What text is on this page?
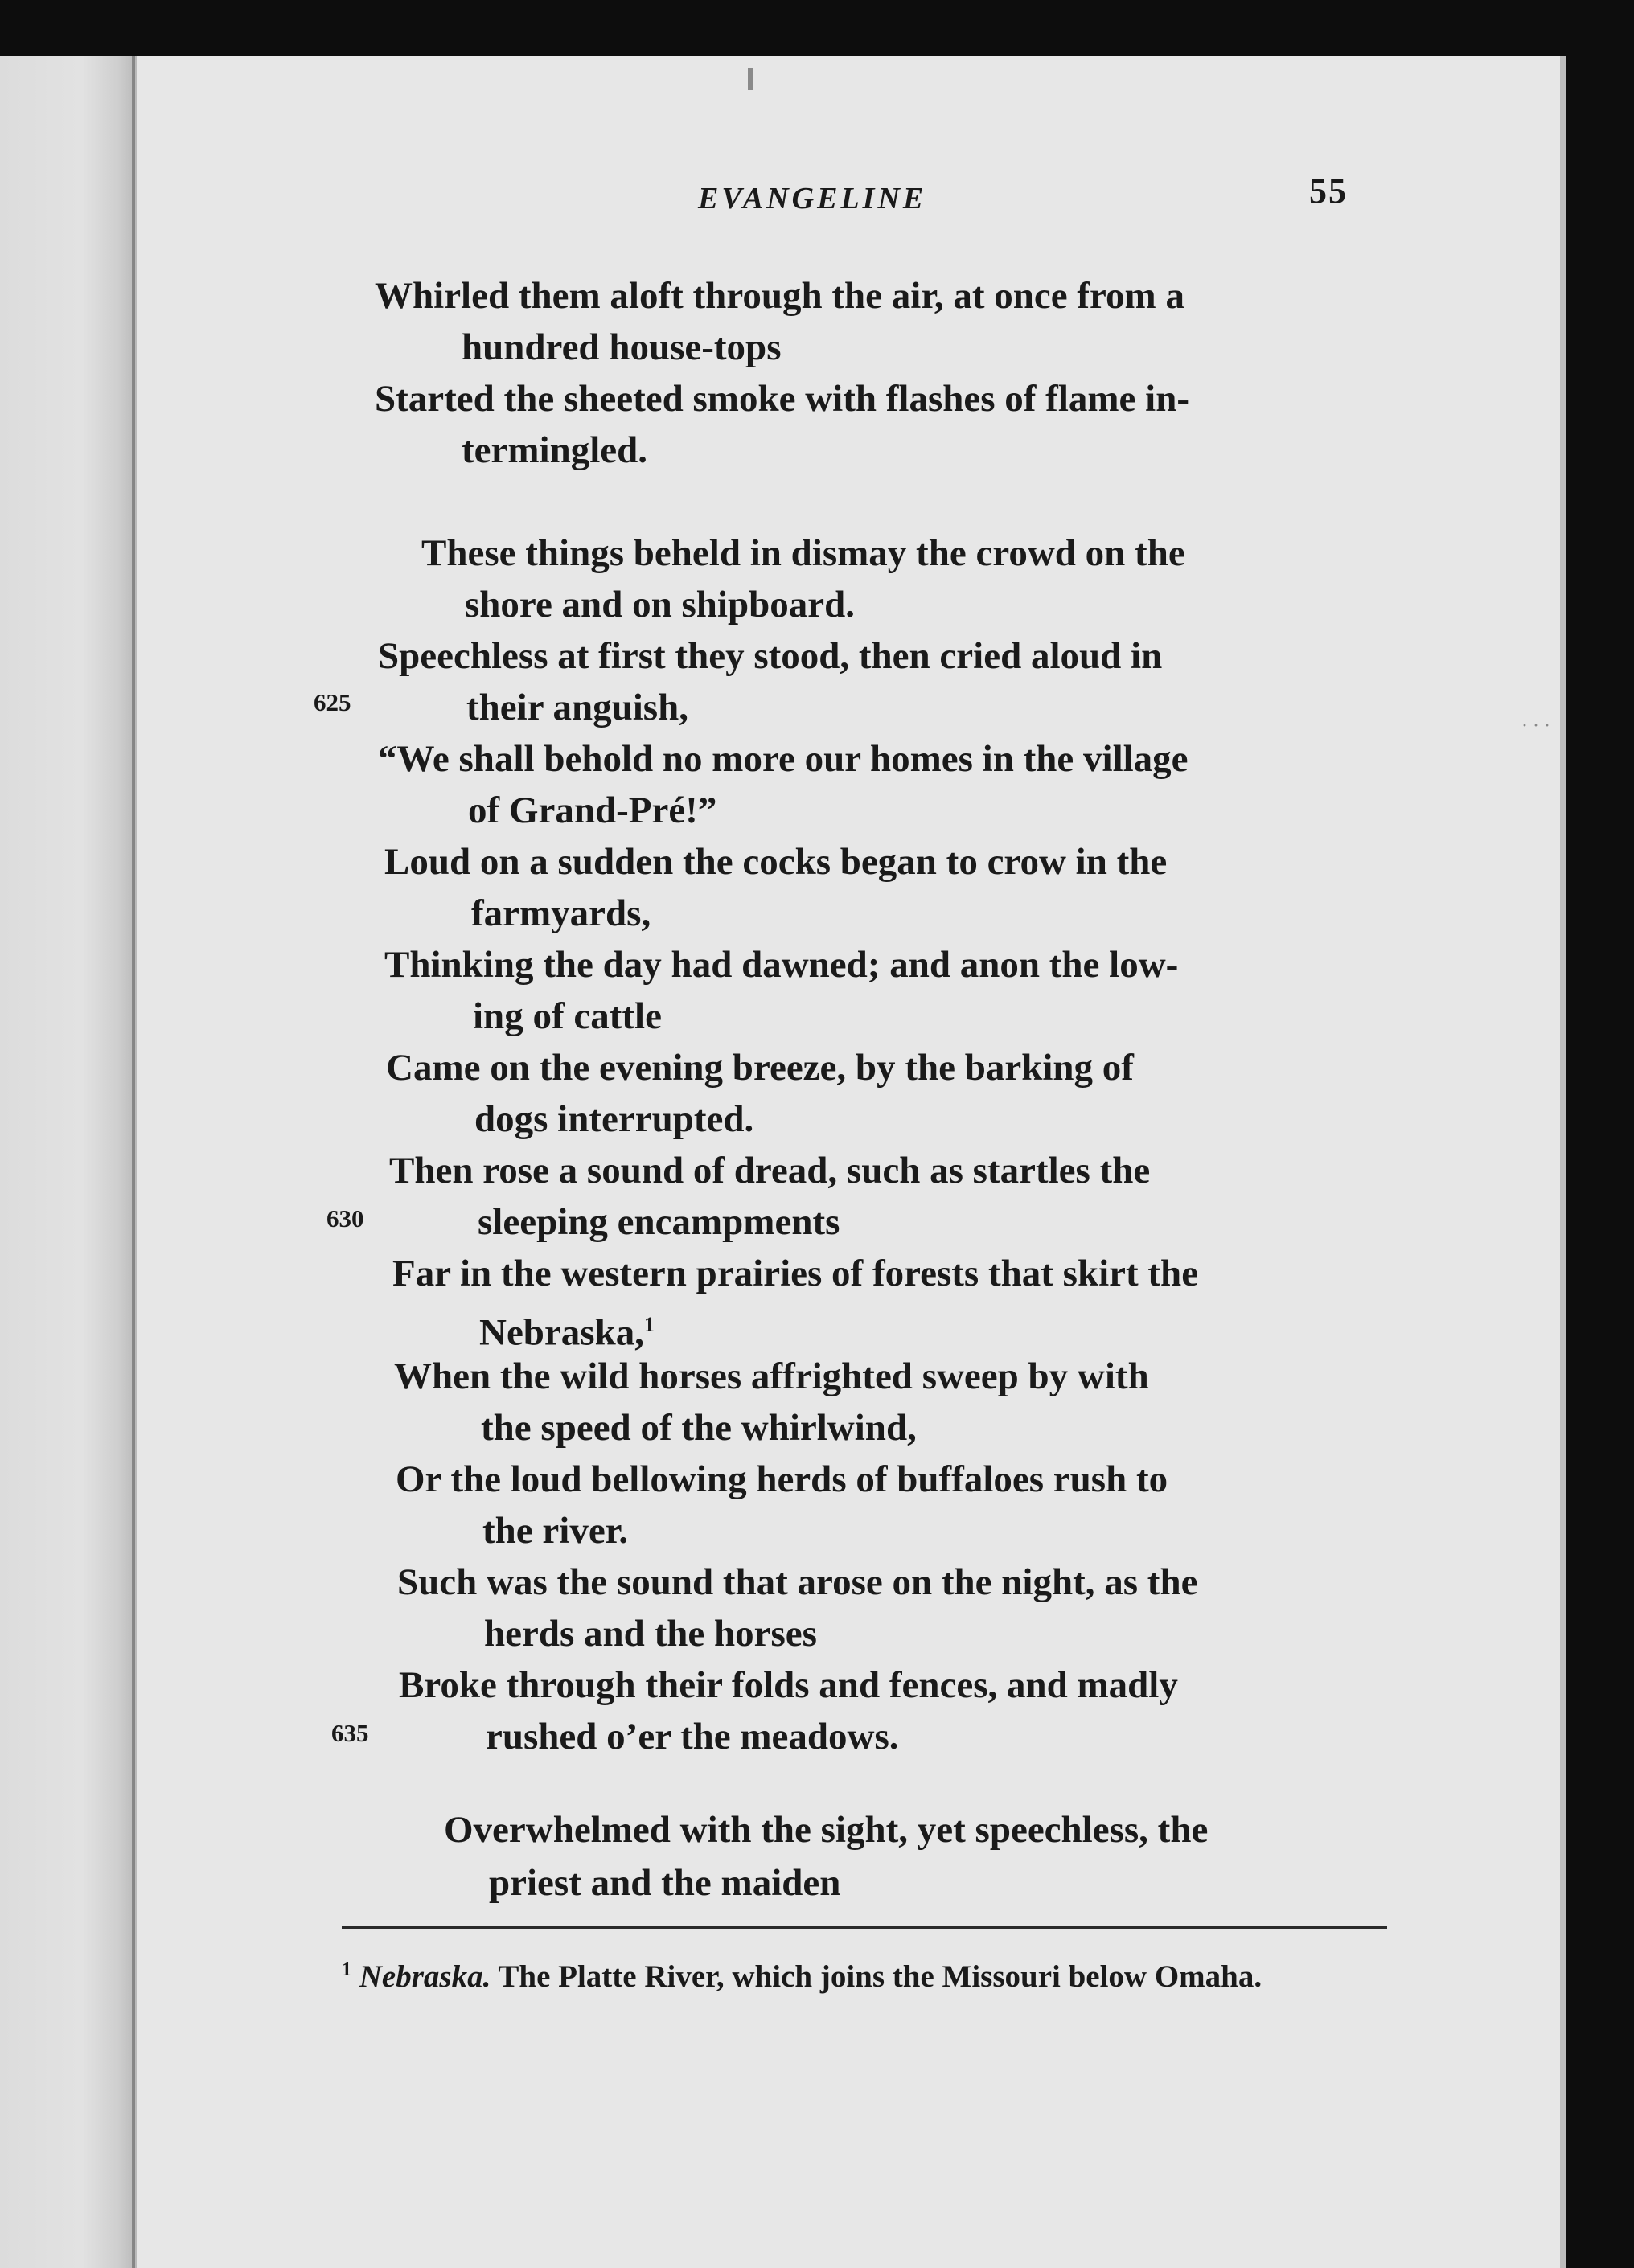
· · ·
EVANGELINE	55
Whirled them aloft through the air, at once from a
hundred house-tops
Started the sheeted smoke with flashes of flame in-
termingled.
These things beheld in dismay the crowd on the
shore and on shipboard.
Speechless at first they stood, then cried aloud in
625	their anguish,
“We shall behold no more our homes in the village
of Grand-Pré!”
Loud on a sudden the cocks began to crow in the
farmyards,
Thinking the day had dawned; and anon the low-
ing of cattle
Came on the evening breeze, by the barking of
dogs interrupted.
Then rose a sound of dread, such as startles the
630	sleeping encampments
Far in the western prairies of forests that skirt the
Nebraska,$^1$
When the wild horses affrighted sweep by with
the speed of the whirlwind,
Or the loud bellowing herds of buffaloes rush to
the river.
Such was the sound that arose on the night, as the
herds and the horses
Broke through their folds and fences, and madly
635	rushed o’er the meadows.
Overwhelmed with the sight, yet speechless, the
priest and the maiden
$^1$ Nebraska. The Platte River, which joins the Missouri below Omaha.
